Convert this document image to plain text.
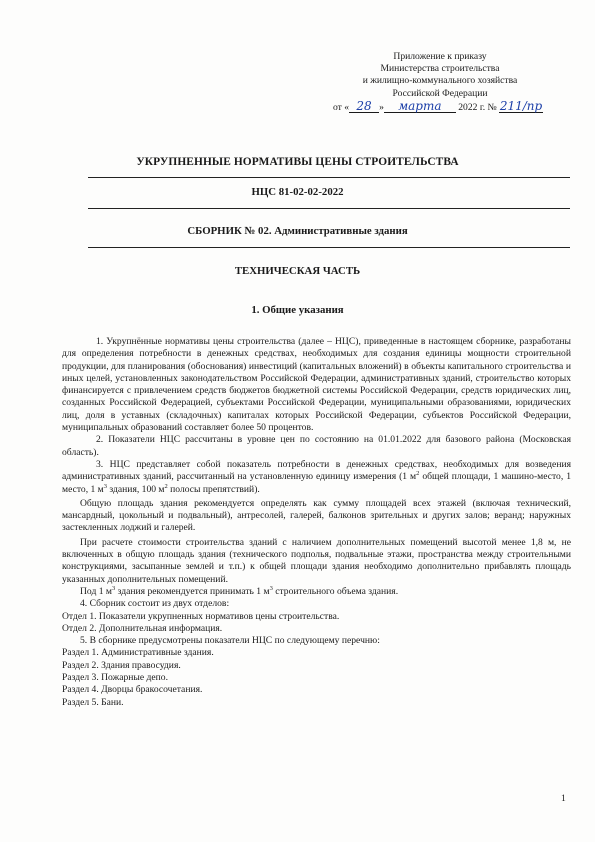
Приложение к приказу
Министерства строительства
и жилищно-коммунального хозяйства
Российской Федерации
от « 28 » марта 2022 г. № 211/пр
УКРУПНЕННЫЕ НОРМАТИВЫ ЦЕНЫ СТРОИТЕЛЬСТВА
НЦС 81-02-02-2022
СБОРНИК № 02. Административные здания
ТЕХНИЧЕСКАЯ ЧАСТЬ
1. Общие указания

1. Укрупнённые нормативы цены строительства (далее – НЦС), приведенные в настоящем сборнике, разработаны для определения потребности в денежных средствах, необходимых для создания единицы мощности строительной продукции, для планирования (обоснования) инвестиций (капитальных вложений) в объекты капитального строительства и иных целей, установленных законодательством Российской Федерации, административных зданий, строительство которых финансируется с привлечением средств бюджетов бюджетной системы Российской Федерации, средств юридических лиц, созданных Российской Федерацией, субъектами Российской Федерации, муниципальными образованиями, юридических лиц, доля в уставных (складочных) капиталах которых Российской Федерации, субъектов Российской Федерации, муниципальных образований составляет более 50 процентов.

2. Показатели НЦС рассчитаны в уровне цен по состоянию на 01.01.2022 для базового района (Московская область).

3. НЦС представляет собой показатель потребности в денежных средствах, необходимых для возведения административных зданий, рассчитанный на установленную единицу измерения (1 $м^2$ общей площади, 1 машино-место, 1 место, 1 $м^3$ здания, 100 $м^2$ полосы препятствий).

Общую площадь здания рекомендуется определять как сумму площадей всех этажей (включая технический, мансардный, цокольный и подвальный), антресолей, галерей, балконов зрительных и других залов; веранд; наружных застекленных лоджий и галерей.

При расчете стоимости строительства зданий с наличием дополнительных помещений высотой менее 1,8 м, не включенных в общую площадь здания (технического подполья, подвальные этажи, пространства между строительными конструкциями, засыпанные землей и т.п.) к общей площади здания необходимо дополнительно прибавлять площадь указанных дополнительных помещений.

Под 1 $м^3$ здания рекомендуется принимать 1 $м^3$ строительного объема здания.

4. Сборник состоит из двух отделов:

Отдел 1. Показатели укрупненных нормативов цены строительства.

Отдел 2. Дополнительная информация.

5. В сборнике предусмотрены показатели НЦС по следующему перечню:

Раздел 1. Административные здания.

Раздел 2. Здания правосудия.

Раздел 3. Пожарные депо.

Раздел 4. Дворцы бракосочетания.

Раздел 5. Бани.

1
